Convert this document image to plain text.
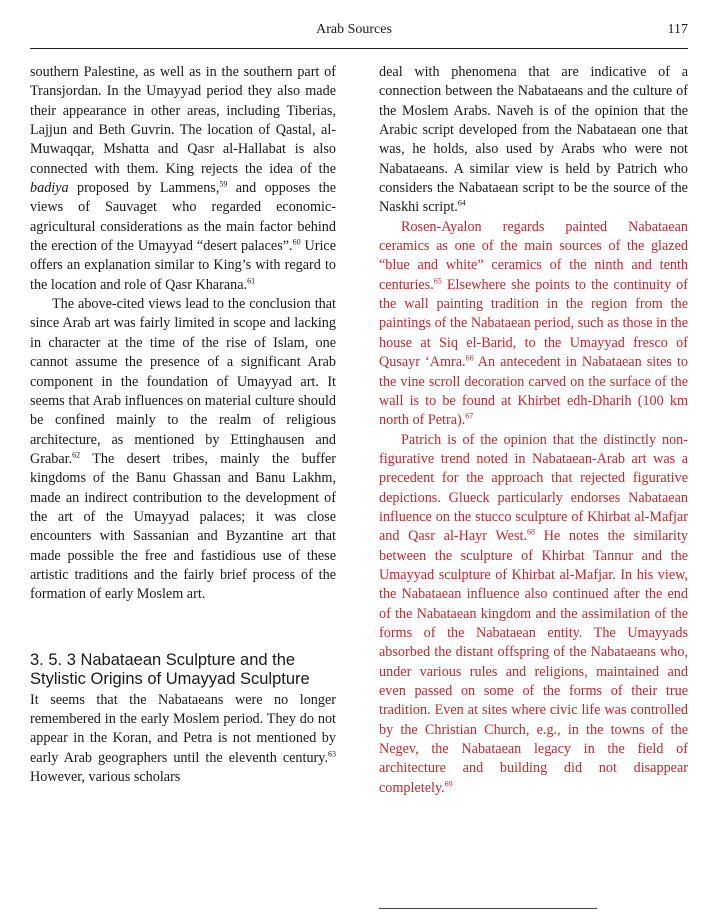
Arab Sources	117

southern Palestine, as well as in the southern part of Transjordan. In the Umayyad period they also made their appearance in other areas, including Tiberias, Lajjun and Beth Guvrin. The location of Qastal, al-Muwaqqar, Mshatta and Qasr al-Hallabat is also connected with them. King rejects the idea of the badiya proposed by Lammens,$^{59}$ and opposes the views of Sauvaget who regarded economic-agricultural considerations as the main factor behind the erection of the Umayyad “desert palaces”.$^{60}$ Urice offers an explanation similar to King’s with regard to the location and role of Qasr Kharana.$^{61}$

The above-cited views lead to the conclusion that since Arab art was fairly limited in scope and lacking in character at the time of the rise of Islam, one cannot assume the presence of a significant Arab component in the foundation of Umayyad art. It seems that Arab influences on material culture should be confined mainly to the realm of religious architecture, as mentioned by Ettinghausen and Grabar.$^{62}$ The desert tribes, mainly the buffer kingdoms of the Banu Ghassan and Banu Lakhm, made an indirect contribution to the development of the art of the Umayyad palaces; it was close encounters with Sassanian and Byzantine art that made possible the free and fastidious use of these artistic traditions and the fairly brief process of the formation of early Moslem art.

3. 5. 3 Nabataean Sculpture and the Stylistic Origins of Umayyad Sculpture

It seems that the Nabataeans were no longer remembered in the early Moslem period. They do not appear in the Koran, and Petra is not mentioned by early Arab geographers until the eleventh century.$^{63}$ However, various scholars

deal with phenomena that are indicative of a connection between the Nabataeans and the culture of the Moslem Arabs. Naveh is of the opinion that the Arabic script developed from the Nabataean one that was, he holds, also used by Arabs who were not Nabataeans. A similar view is held by Patrich who considers the Nabataean script to be the source of the Naskhi script.$^{64}$

Rosen-Ayalon regards painted Nabataean ceramics as one of the main sources of the glazed “blue and white” ceramics of the ninth and tenth centuries.$^{65}$ Elsewhere she points to the continuity of the wall painting tradition in the region from the paintings of the Nabataean period, such as those in the house at Siq el-Barid, to the Umayyad fresco of Qusayr ‘Amra.$^{66}$ An antecedent in Nabataean sites to the vine scroll decoration carved on the surface of the wall is to be found at Khirbet edh-Dharih (100 km north of Petra).$^{67}$

Patrich is of the opinion that the distinctly non-figurative trend noted in Nabataean-Arab art was a precedent for the approach that rejected figurative depictions. Glueck particularly endorses Nabataean influence on the stucco sculpture of Khirbat al-Mafjar and Qasr al-Hayr West.$^{68}$ He notes the similarity between the sculpture of Khirbat Tannur and the Umayyad sculpture of Khirbat al-Mafjar. In his view, the Nabataean influence also continued after the end of the Nabataean kingdom and the assimilation of the forms of the Nabataean entity. The Umayyads absorbed the distant offspring of the Nabataeans who, under various rules and religions, maintained and even passed on some of the forms of their true tradition. Even at sites where civic life was controlled by the Christian Church, e.g., in the towns of the Negev, the Nabataean legacy in the field of architecture and building did not disappear completely.$^{69}$
